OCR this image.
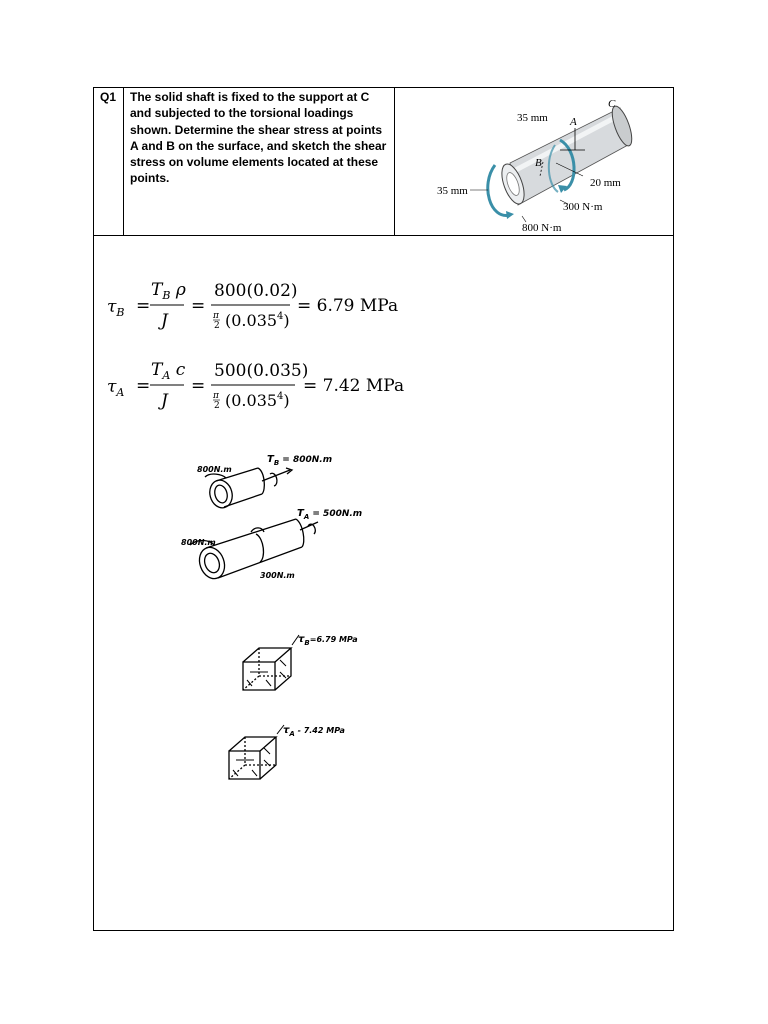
Q1 The solid shaft is fixed to the support at C and subjected to the torsional loadings shown. Determine the shear stress at points A and B on the surface, and sketch the shear stress on volume elements located at these points.
C
A
B
35 mm
35 mm
20 mm
300 N·m
800 N·m
$\tau_B$ =
$T_B$ ρ
J
=
800(0.02)
π
2 $(0.035^4)$
= 6.79 MPa
$\tau_A$ =
$T_A$ c
J
=
500(0.035)
π
2 $(0.035^4)$
= 7.42 MPa
800N.m
$T_B = 800N.m$
800N.m
$T_A = 500N.m$
300N.m
$\tau_B^{=6.79 MPa}$
$\tau_A$ $^{- 7.42 MPa}$
